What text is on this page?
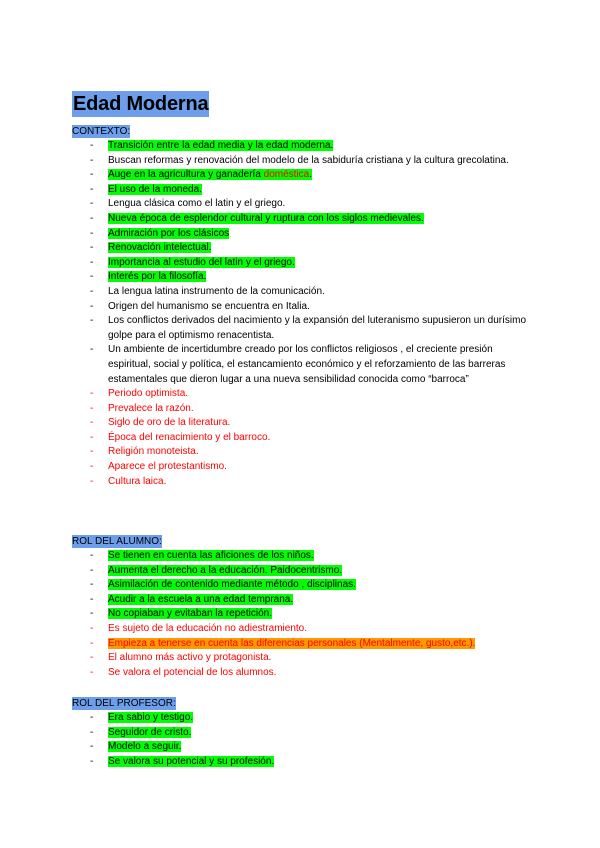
Edad Moderna
CONTEXTO:
- Transición entre la edad media y la edad moderna.
- Buscan reformas y renovación del modelo de la sabiduría cristiana y la cultura grecolatina.
- Auge en la agricultura y ganadería doméstica.
- El uso de la moneda.
- Lengua clásica como el latin y el griego.
- Nueva época de esplendor cultural y ruptura con los siglos medievales.
- Admiración por los clásicos
- Renovación intelectual.
- Importancia al estudio del latin y el griego.
- Interés por la filosofía.
- La lengua latina instrumento de la comunicación.
- Origen del humanismo se encuentra en Italia.
- Los conflictos derivados del nacimiento y la expansión del luteranismo supusieron un durísimo golpe para el optimismo renacentista.
- Un ambiente de incertidumbre creado por los conflictos religiosos , el creciente presión espiritual, social y política, el estancamiento económico y el reforzamiento de las barreras estamentales que dieron lugar a una nueva sensibilidad conocida como “barroca”
- Periodo optimista.
- Prevalece la razón.
- Siglo de oro de la literatura.
- Época del renacimiento y el barroco.
- Religión monoteista.
- Aparece el protestantismo.
- Cultura laica.
ROL DEL ALUMNO:
- Se tienen en cuenta las aficiones de los niños.
- Aumenta el derecho a la educación. Paidocentrismo.
- Asimilación de contenido mediante método , disciplinas.
- Acudir a la escuela a una edad temprana.
- No copiaban y evitaban la repetición.
- Es sujeto de la educación no adiestramiento.
- Empieza a tenerse en cuenta las diferencias personales (Mentalmente, gusto,etc.).
- El alumno más activo y protagonista.
- Se valora el potencial de los alumnos.
ROL DEL PROFESOR:
- Era sabio y testigo.
- Seguidor de cristo.
- Modelo a seguir.
- Se valora su potencial y su profesión.
